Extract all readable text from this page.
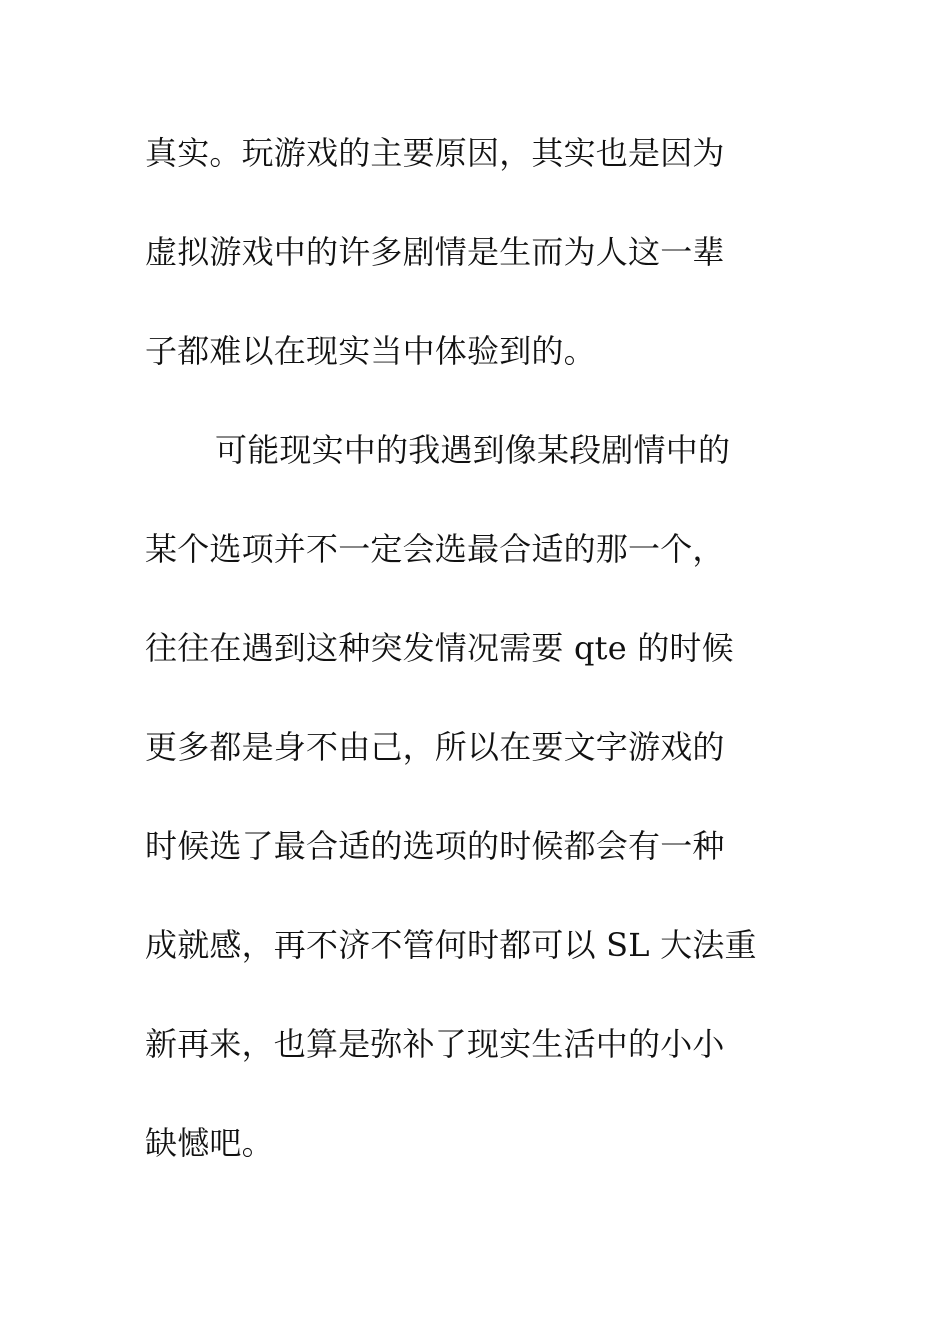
真实。玩游戏的主要原因，其实也是因为
虚拟游戏中的许多剧情是生而为人这一辈
子都难以在现实当中体验到的。
可能现实中的我遇到像某段剧情中的
某个选项并不一定会选最合适的那一个，
往往在遇到这种突发情况需要 qte 的时候
更多都是身不由己，所以在要文字游戏的
时候选了最合适的选项的时候都会有一种
成就感，再不济不管何时都可以 SL 大法重
新再来，也算是弥补了现实生活中的小小
缺憾吧。
